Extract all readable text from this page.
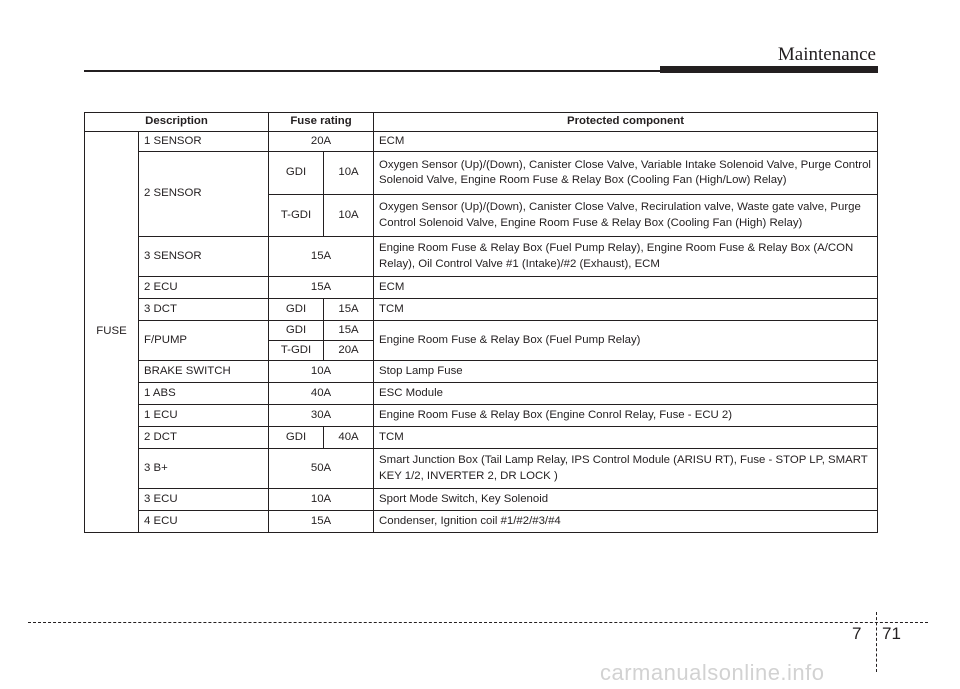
Maintenance
Description		Fuse rating		Protected component
FUSE	1 SENSOR	20A		ECM
	2 SENSOR	GDI	10A	Oxygen Sensor (Up)/(Down), Canister Close Valve, Variable Intake Solenoid Valve, Purge Control Solenoid Valve, Engine Room Fuse & Relay Box (Cooling Fan (High/Low) Relay)
		T-GDI	10A	Oxygen Sensor (Up)/(Down), Canister Close Valve, Recirulation valve, Waste gate valve, Purge Control Solenoid Valve, Engine Room Fuse & Relay Box (Cooling Fan (High) Relay)
	3 SENSOR	15A		Engine Room Fuse & Relay Box (Fuel Pump Relay), Engine Room Fuse & Relay Box (A/CON Relay), Oil Control Valve #1 (Intake)/#2 (Exhaust), ECM
	2 ECU	15A		ECM
	3 DCT	GDI	15A	TCM
	F/PUMP	GDI	15A	Engine Room Fuse & Relay Box (Fuel Pump Relay)
		T-GDI	20A	
	BRAKE SWITCH	10A		Stop Lamp Fuse
	1 ABS	40A		ESC Module
	1 ECU	30A		Engine Room Fuse & Relay Box (Engine Conrol Relay, Fuse - ECU 2)
	2 DCT	GDI	40A	TCM
	3 B+	50A		Smart Junction Box (Tail Lamp Relay, IPS Control Module (ARISU RT), Fuse - STOP LP, SMART KEY 1/2, INVERTER 2, DR LOCK )
	3 ECU	10A		Sport Mode Switch, Key Solenoid
	4 ECU	15A		Condenser, Ignition coil #1/#2/#3/#4
7 71
carmanualsonline.info
